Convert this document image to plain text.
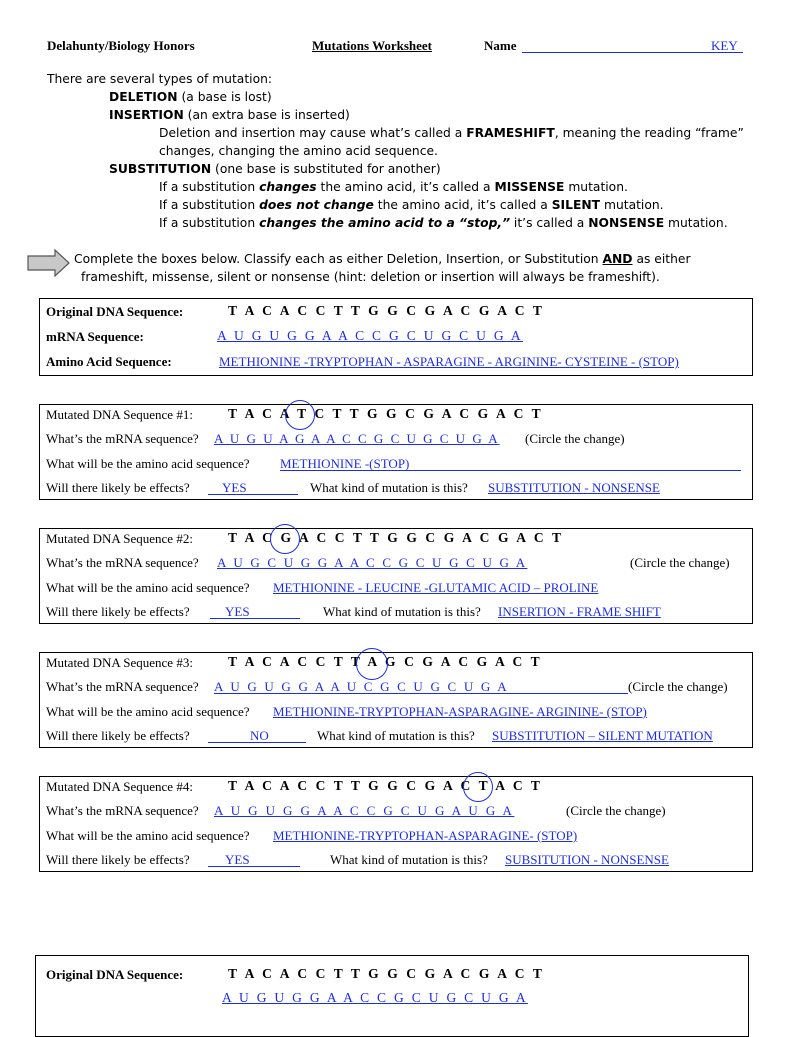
Delahunty/Biology Honors	Mutations Worksheet	Name	KEY
There are several types of mutation:
DELETION (a base is lost)
INSERTION (an extra base is inserted)
Deletion and insertion may cause what’s called a FRAMESHIFT, meaning the reading “frame”
changes, changing the amino acid sequence.
SUBSTITUTION (one base is substituted for another)
If a substitution changes the amino acid, it’s called a MISSENSE mutation.
If a substitution does not change the amino acid, it’s called a SILENT mutation.
If a substitution changes the amino acid to a “stop,” it’s called a NONSENSE mutation.
Complete the boxes below. Classify each as either Deletion, Insertion, or Substitution AND as either
frameshift, missense, silent or nonsense (hint: deletion or insertion will always be frameshift).
Original DNA Sequence:	T A C A C C T T G G C G A C G A C T
mRNA Sequence:	A U G U G G A A C C G C U G C U G A
Amino Acid Sequence:	METHIONINE -TRYPTOPHAN - ASPARAGINE - ARGININE- CYSTEINE - (STOP)
Mutated DNA Sequence #1:	T A C A T C T T G G C G A C G A C T
What’s the mRNA sequence? A U G U A G A A C C G C U G C U G A (Circle the change)
What will be the amino acid sequence? METHIONINE -(STOP)
Will there likely be effects? YES	What kind of mutation is this? SUBSTITUTION - NONSENSE
Mutated DNA Sequence #2:	T A C G A C C T T G G C G A C G A C T
What’s the mRNA sequence? A U G C U G G A A C C G C U G C U G A	(Circle the change)
What will be the amino acid sequence? METHIONINE - LEUCINE -GLUTAMIC ACID – PROLINE
Will there likely be effects?	YES	What kind of mutation is this? INSERTION - FRAME SHIFT
Mutated DNA Sequence #3:	T A C A C C T T A G C G A C G A C T
What’s the mRNA sequence? A U G U G G A A U C G C U G C U G A	(Circle the change)
What will be the amino acid sequence? METHIONINE-TRYPTOPHAN-ASPARAGINE- ARGININE- (STOP)
Will there likely be effects?	NO	What kind of mutation is this? SUBSTITUTION – SILENT MUTATION
Mutated DNA Sequence #4:	T A C A C C T T G G C G A C T A C T
What’s the mRNA sequence? A U G U G G A A C C G C U G A U G A	(Circle the change)
What will be the amino acid sequence? METHIONINE-TRYPTOPHAN-ASPARAGINE- (STOP)
Will there likely be effects?	YES	What kind of mutation is this? SUBSITUTION - NONSENSE
Original DNA Sequence:	T A C A C C T T G G C G A C G A C T
A U G U G G A A C C G C U G C U G A
